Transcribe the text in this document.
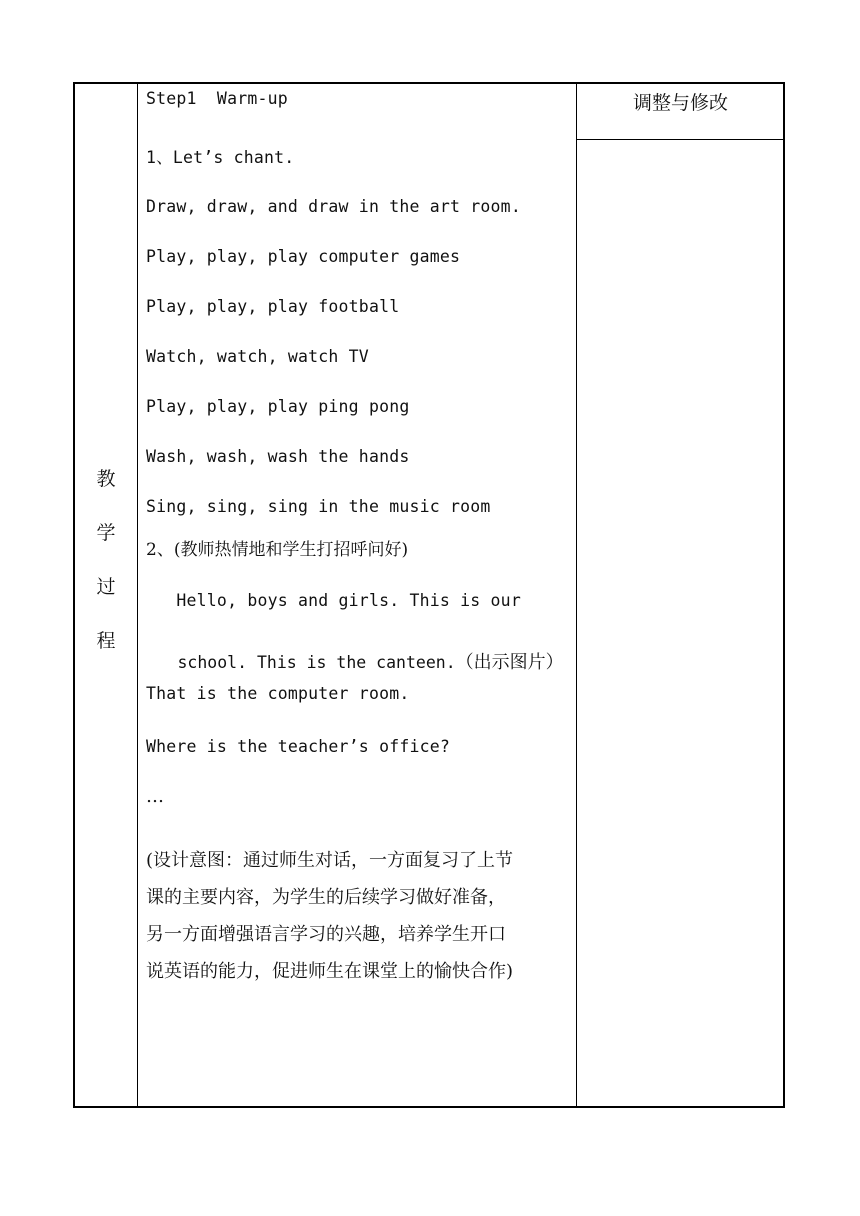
教
学
过
程
调整与修改
Step1  Warm-up
1、Let’s chant.
Draw, draw, and draw in the art room.
Play, play, play computer games
Play, play, play football
Watch, watch, watch TV
Play, play, play ping pong
Wash, wash, wash the hands
Sing, sing, sing in the music room
2、(教师热情地和学生打招呼问好)
Hello, boys and girls. This is our

school. This is the canteen.（出示图片）

That is the computer room.
Where is the teacher’s office?
…
(设计意图：通过师生对话，一方面复习了上节
课的主要内容，为学生的后续学习做好准备，
另一方面增强语言学习的兴趣，培养学生开口
说英语的能力，促进师生在课堂上的愉快合作)
